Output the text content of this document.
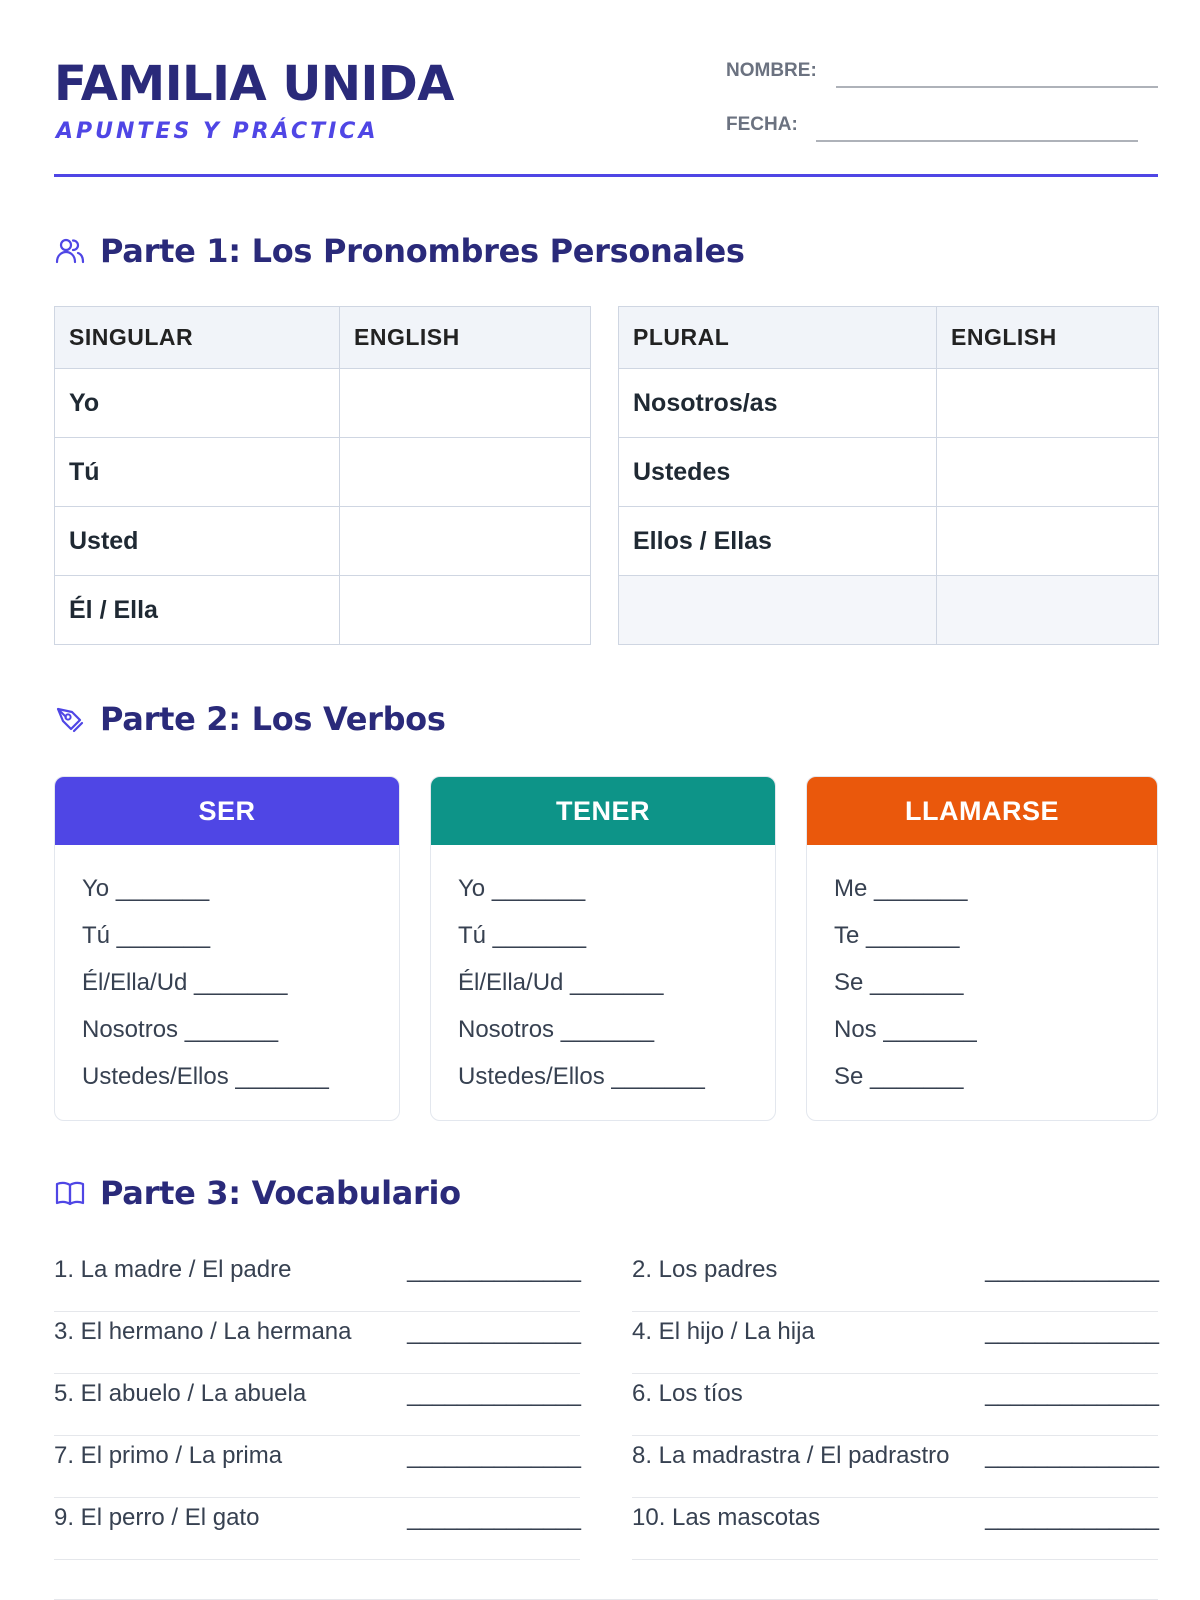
FAMILIA UNIDA
APUNTES Y PRÁCTICA
NOMBRE:
FECHA:
Parte 1: Los Pronombres Personales
SINGULAR	ENGLISH
Yo	
Tú	
Usted	
Él / Ella	
PLURAL	ENGLISH
Nosotros/as	
Ustedes	
Ellos / Ellas	

Parte 2: Los Verbos
SER
Yo _______
Tú _______
Él/Ella/Ud _______
Nosotros _______
Ustedes/Ellos _______
TENER
Yo _______
Tú _______
Él/Ella/Ud _______
Nosotros _______
Ustedes/Ellos _______
LLAMARSE
Me _______
Te _______
Se _______
Nos _______
Se _______
Parte 3: Vocabulario
1. La madre / El padre	______________ 2. Los padres	______________
3. El hermano / La hermana ______________ 4. El hijo / La hija	______________
5. El abuelo / La abuela	______________ 6. Los tíos	______________
7. El primo / La prima	______________ 8. La madrastra / El padrastro ______________
9. El perro / El gato	______________ 10. Las mascotas	______________
